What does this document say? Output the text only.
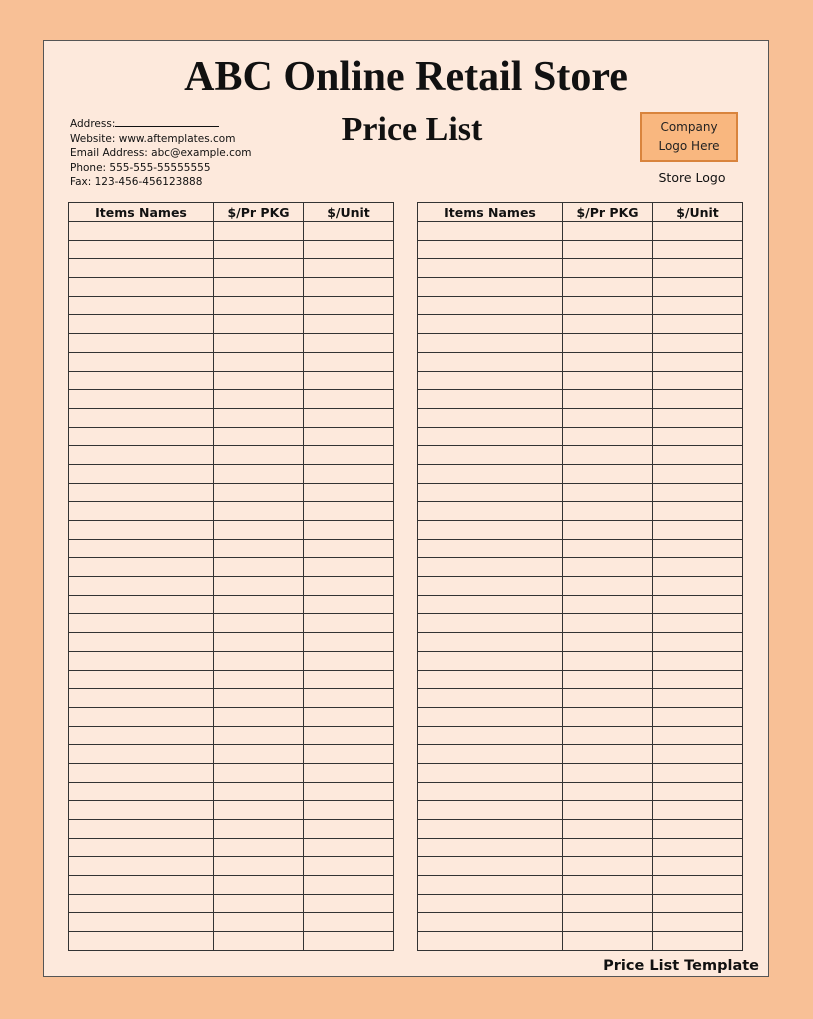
ABC Online Retail Store
Price List
Address:
Website: www.aftemplates.com
Email Address: abc@example.com
Phone: 555-555-55555555
Fax: 123-456-456123888
Company
Logo Here
Store Logo
Items Names	$/Pr PKG	$/Unit

			Items Names	$/Pr PKG	$/Unit

Price List Template
